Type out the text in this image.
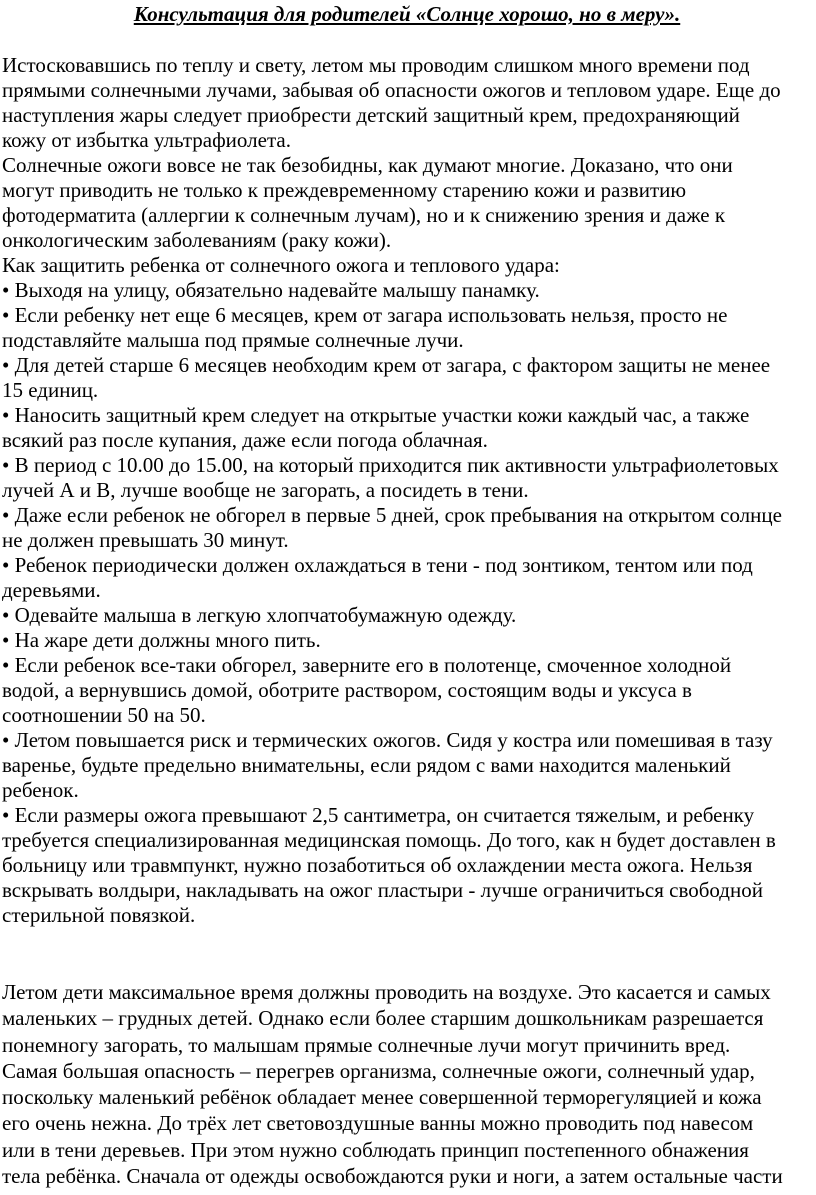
Консультация для родителей «Солнце хорошо, но в меру».

Истосковавшись по теплу и свету, летом мы проводим слишком много времени под
прямыми солнечными лучами, забывая об опасности ожогов и тепловом ударе. Еще до
наступления жары следует приобрести детский защитный крем, предохраняющий
кожу от избытка ультрафиолета.

Солнечные ожоги вовсе не так безобидны, как думают многие. Доказано, что они
могут приводить не только к преждевременному старению кожи и развитию
фотодерматита (аллергии к солнечным лучам), но и к снижению зрения и даже к
онкологическим заболеваниям (раку кожи).

Как защитить ребенка от солнечного ожога и теплового удара:

• Выходя на улицу, обязательно надевайте малышу панамку.

• Если ребенку нет еще 6 месяцев, крем от загара использовать нельзя, просто не
подставляйте малыша под прямые солнечные лучи.

• Для детей старше 6 месяцев необходим крем от загара, с фактором защиты не менее
15 единиц.

• Наносить защитный крем следует на открытые участки кожи каждый час, а также
всякий раз после купания, даже если погода облачная.

• В период с 10.00 до 15.00, на который приходится пик активности ультрафиолетовых
лучей А и В, лучше вообще не загорать, а посидеть в тени.

• Даже если ребенок не обгорел в первые 5 дней, срок пребывания на открытом солнце
не должен превышать 30 минут.

• Ребенок периодически должен охлаждаться в тени - под зонтиком, тентом или под
деревьями.

• Одевайте малыша в легкую хлопчатобумажную одежду.

• На жаре дети должны много пить.

• Если ребенок все-таки обгорел, заверните его в полотенце, смоченное холодной
водой, а вернувшись домой, оботрите раствором, состоящим воды и уксуса в
соотношении 50 на 50.

• Летом повышается риск и термических ожогов. Сидя у костра или помешивая в тазу
варенье, будьте предельно внимательны, если рядом с вами находится маленький
ребенок.

• Если размеры ожога превышают 2,5 сантиметра, он считается тяжелым, и ребенку
требуется специализированная медицинская помощь. До того, как н будет доставлен в
больницу или травмпункт, нужно позаботиться об охлаждении места ожога. Нельзя
вскрывать волдыри, накладывать на ожог пластыри - лучше ограничиться свободной
стерильной повязкой.

Летом дети максимальное время должны проводить на воздухе. Это касается и самых
маленьких – грудных детей. Однако если более старшим дошкольникам разрешается
понемногу загорать, то малышам прямые солнечные лучи могут причинить вред.
Самая большая опасность – перегрев организма, солнечные ожоги, солнечный удар,
поскольку маленький ребёнок обладает менее совершенной терморегуляцией и кожа
его очень нежна. До трёх лет световоздушные ванны можно проводить под навесом
или в тени деревьев. При этом нужно соблюдать принцип постепенного обнажения
тела ребёнка. Сначала от одежды освобождаются руки и ноги, а затем остальные части
